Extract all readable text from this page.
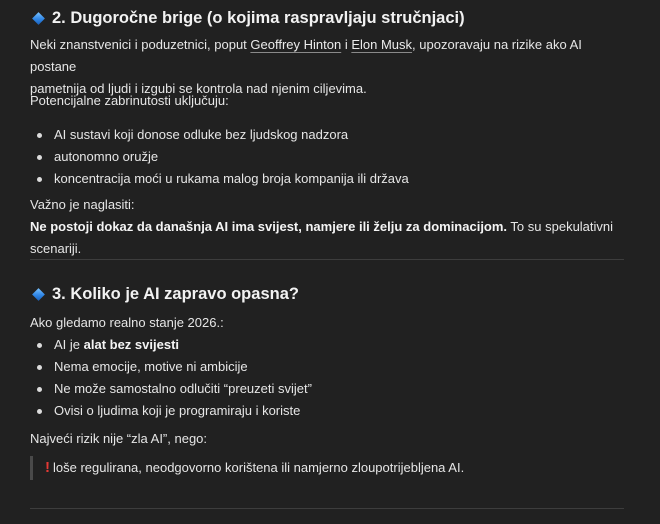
2. Dugoročne brige (o kojima raspravljaju stručnjaci)

Neki znanstvenici i poduzetnici, poput Geoffrey Hinton i Elon Musk, upozoravaju na rizike ako AI postane
pametnija od ljudi i izgubi se kontrola nad njenim ciljevima.

Potencijalne zabrinutosti uključuju:

AI sustavi koji donose odluke bez ljudskog nadzora
autonomno oružje
koncentracija moći u rukama malog broja kompanija ili država

Važno je naglasiti:

Ne postoji dokaz da današnja AI ima svijest, namjere ili želju za dominacijom. To su spekulativni scenariji.

3. Koliko je AI zapravo opasna?

Ako gledamo realno stanje 2026.:

AI je alat bez svijesti
Nema emocije, motive ni ambicije
Ne može samostalno odlučiti “preuzeti svijet”
Ovisi o ljudima koji je programiraju i koriste

Najveći rizik nije “zla AI”, nego:

! loše regulirana, neodgovorno korištena ili namjerno zloupotrijebljena AI.
